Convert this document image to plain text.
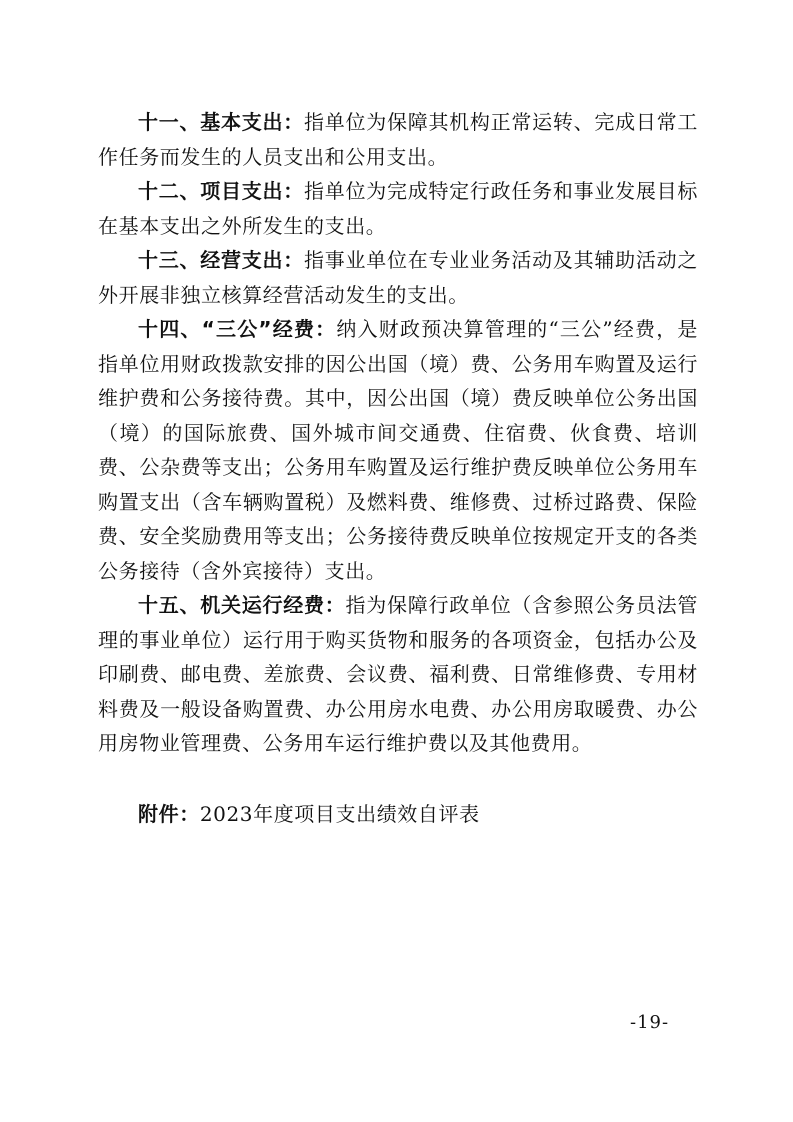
十一、基本支出：指单位为保障其机构正常运转、完成日常工作任务而发生的人员支出和公用支出。

十二、项目支出：指单位为完成特定行政任务和事业发展目标在基本支出之外所发生的支出。

十三、经营支出：指事业单位在专业业务活动及其辅助活动之外开展非独立核算经营活动发生的支出。

十四、“三公”经费：纳入财政预决算管理的“三公”经费，是指单位用财政拨款安排的因公出国（境）费、公务用车购置及运行维护费和公务接待费。其中，因公出国（境）费反映单位公务出国（境）的国际旅费、国外城市间交通费、住宿费、伙食费、培训费、公杂费等支出；公务用车购置及运行维护费反映单位公务用车购置支出（含车辆购置税）及燃料费、维修费、过桥过路费、保险费、安全奖励费用等支出；公务接待费反映单位按规定开支的各类公务接待（含外宾接待）支出。

十五、机关运行经费：指为保障行政单位（含参照公务员法管理的事业单位）运行用于购买货物和服务的各项资金，包括办公及印刷费、邮电费、差旅费、会议费、福利费、日常维修费、专用材料费及一般设备购置费、办公用房水电费、办公用房取暖费、办公用房物业管理费、公务用车运行维护费以及其他费用。

附件：2023年度项目支出绩效自评表
-19-
